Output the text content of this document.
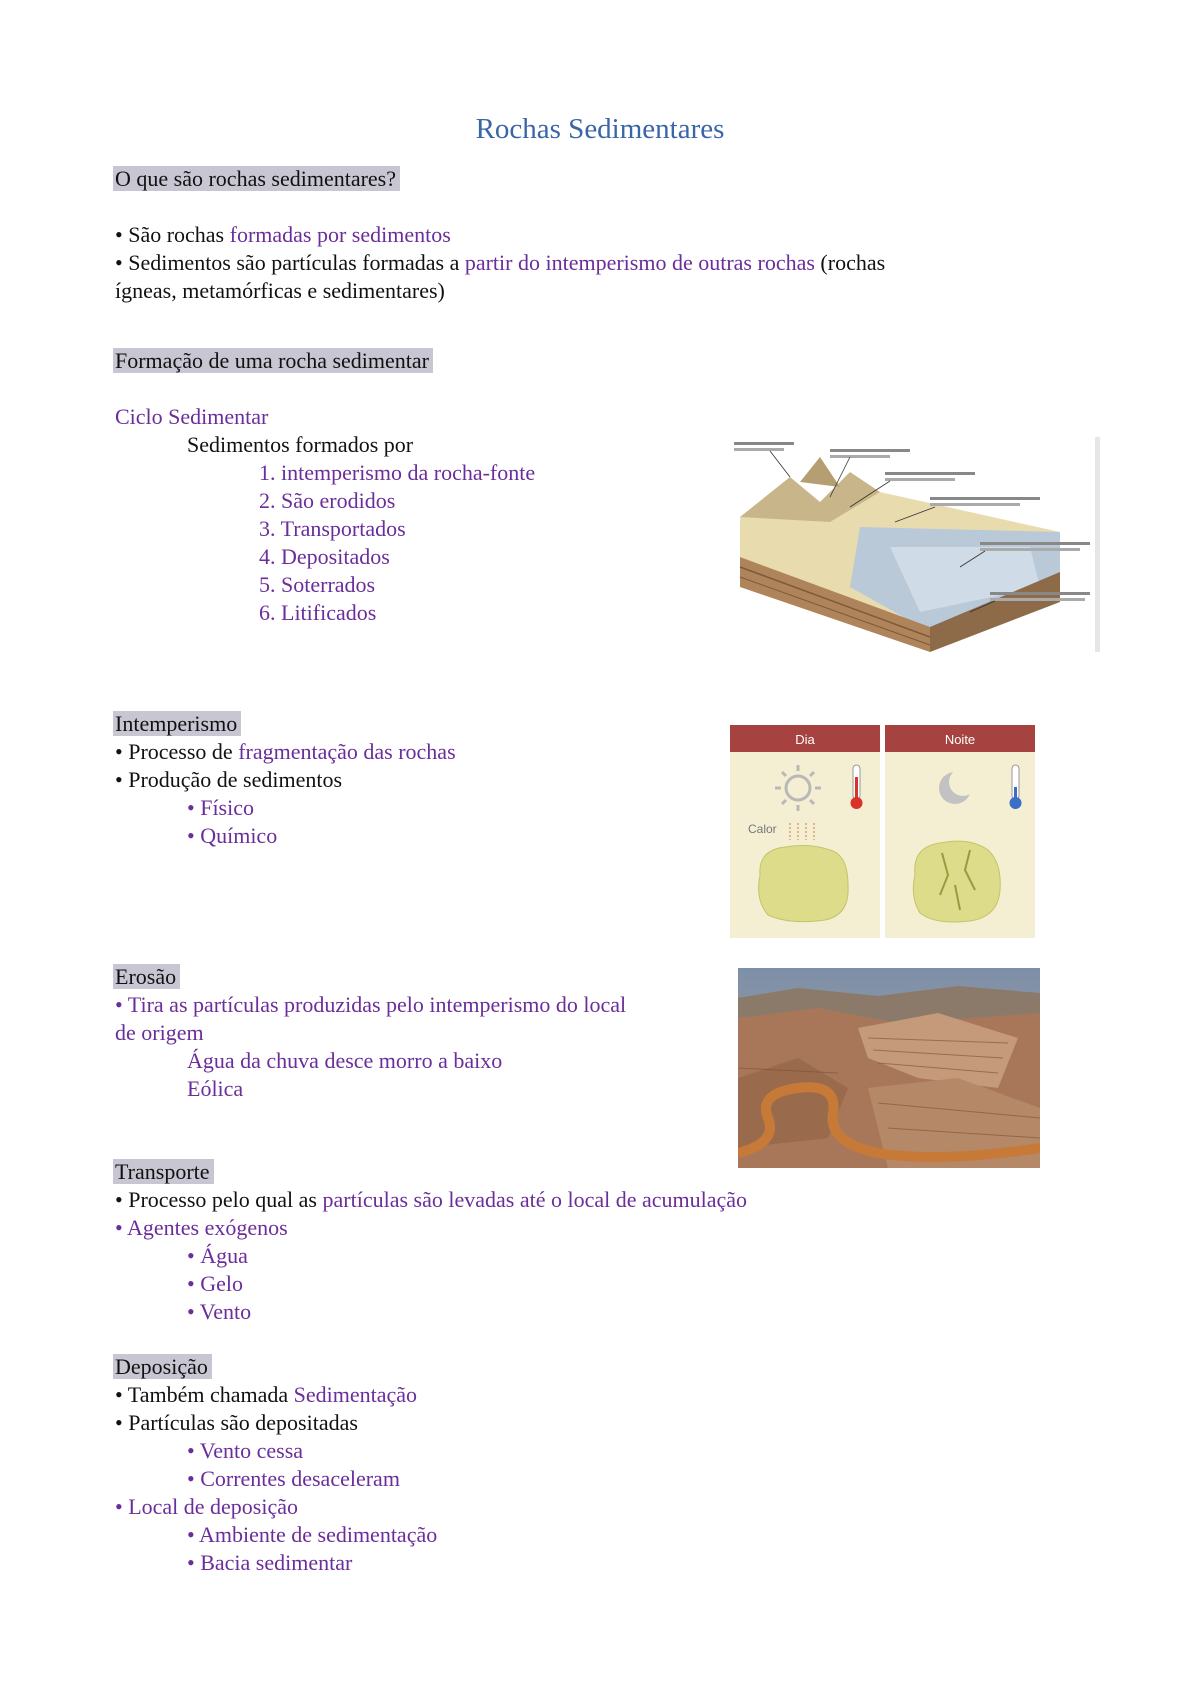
Rochas Sedimentares
O que são rochas sedimentares?
• São rochas formadas por sedimentos
• Sedimentos são partículas formadas a partir do intemperismo de outras rochas (rochas
ígneas, metamórficas e sedimentares)
Formação de uma rocha sedimentar
Ciclo Sedimentar
Sedimentos formados por
1. intemperismo da rocha-fonte
2. São erodidos
3. Transportados
4. Depositados
5. Soterrados
6. Litificados
Intemperismo
• Processo de fragmentação das rochas
• Produção de sedimentos
• Físico
• Químico
Dia	Noite
Calor
Erosão
• Tira as partículas produzidas pelo intemperismo do local
de origem
Água da chuva desce morro a baixo
Eólica
Transporte
• Processo pelo qual as partículas são levadas até o local de acumulação
• Agentes exógenos
• Água
• Gelo
• Vento
Deposição
• Também chamada Sedimentação
• Partículas são depositadas
• Vento cessa
• Correntes desaceleram
• Local de deposição
• Ambiente de sedimentação
• Bacia sedimentar
